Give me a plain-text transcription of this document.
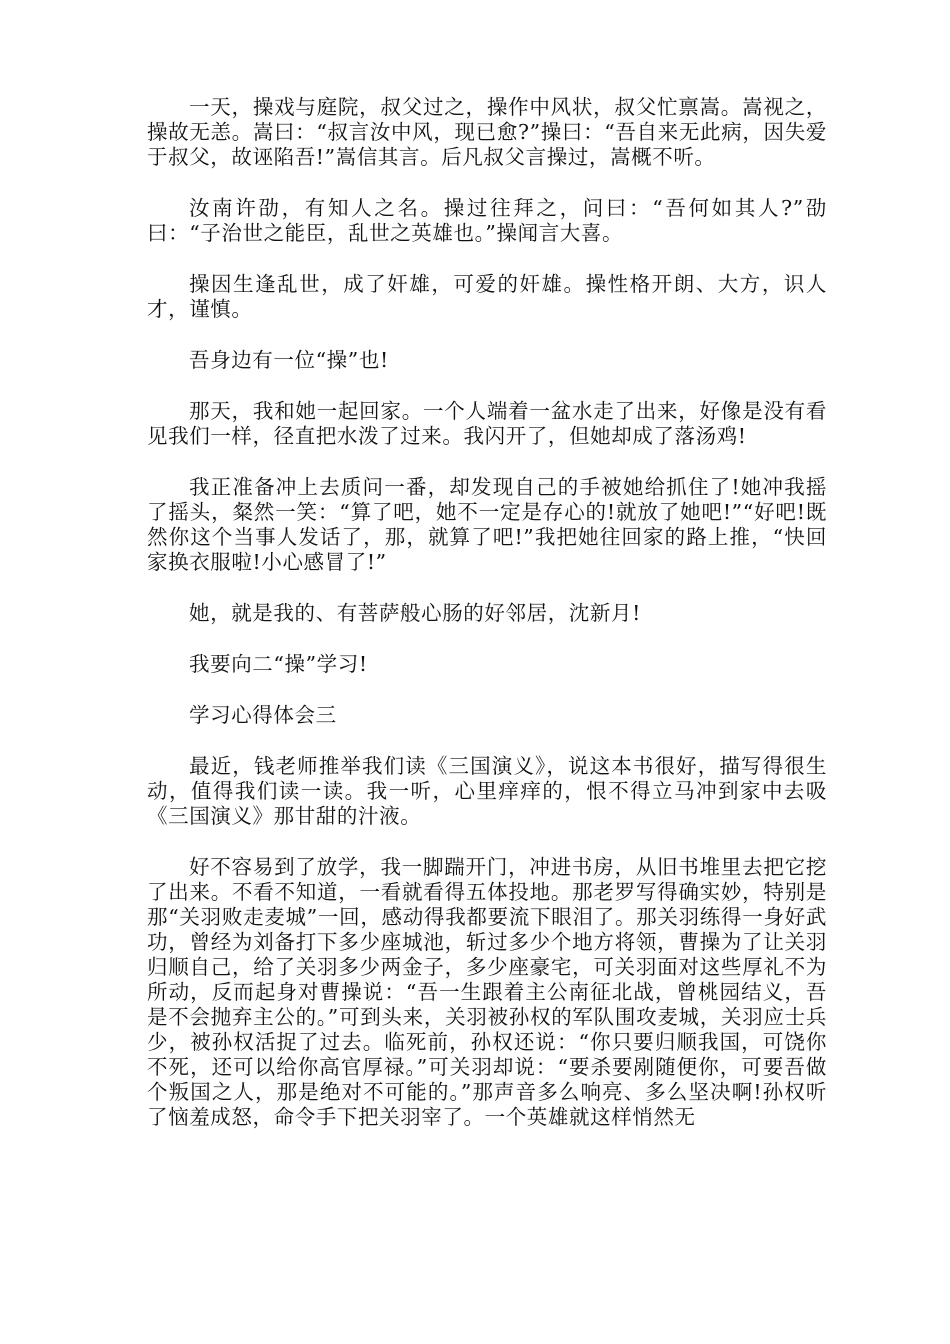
一天，操戏与庭院，叔父过之，操作中风状，叔父忙禀嵩。嵩视之，操故无恙。嵩曰：“叔言汝中风，现已愈?”操曰：“吾自来无此病，因失爱于叔父，故诬陷吾!”嵩信其言。后凡叔父言操过，嵩概不听。

汝南许劭，有知人之名。操过往拜之，问曰：“吾何如其人?”劭曰：“子治世之能臣，乱世之英雄也。”操闻言大喜。

操因生逢乱世，成了奸雄，可爱的奸雄。操性格开朗、大方，识人才，谨慎。

吾身边有一位“操”也!

那天，我和她一起回家。一个人端着一盆水走了出来，好像是没有看见我们一样，径直把水泼了过来。我闪开了，但她却成了落汤鸡!

我正准备冲上去质问一番，却发现自己的手被她给抓住了!她冲我摇了摇头，粲然一笑：“算了吧，她不一定是存心的!就放了她吧!”“好吧!既然你这个当事人发话了，那，就算了吧!”我把她往回家的路上推，“快回家换衣服啦!小心感冒了!”

她，就是我的、有菩萨般心肠的好邻居，沈新月!

我要向二“操”学习!

学习心得体会三

最近，钱老师推举我们读《三国演义》，说这本书很好，描写得很生动，值得我们读一读。我一听，心里痒痒的，恨不得立马冲到家中去吸《三国演义》那甘甜的汁液。

好不容易到了放学，我一脚踹开门，冲进书房，从旧书堆里去把它挖了出来。不看不知道，一看就看得五体投地。那老罗写得确实妙，特别是那“关羽败走麦城”一回，感动得我都要流下眼泪了。那关羽练得一身好武功，曾经为刘备打下多少座城池，斩过多少个地方将领，曹操为了让关羽归顺自己，给了关羽多少两金子，多少座豪宅，可关羽面对这些厚礼不为所动，反而起身对曹操说：“吾一生跟着主公南征北战，曾桃园结义，吾是不会抛弃主公的。”可到头来，关羽被孙权的军队围攻麦城，关羽应士兵少，被孙权活捉了过去。临死前，孙权还说：“你只要归顺我国，可饶你不死，还可以给你高官厚禄。”可关羽却说：“要杀要剐随便你，可要吾做个叛国之人，那是绝对不可能的。”那声音多么响亮、多么坚决啊!孙权听了恼羞成怒，命令手下把关羽宰了。一个英雄就这样悄然无
